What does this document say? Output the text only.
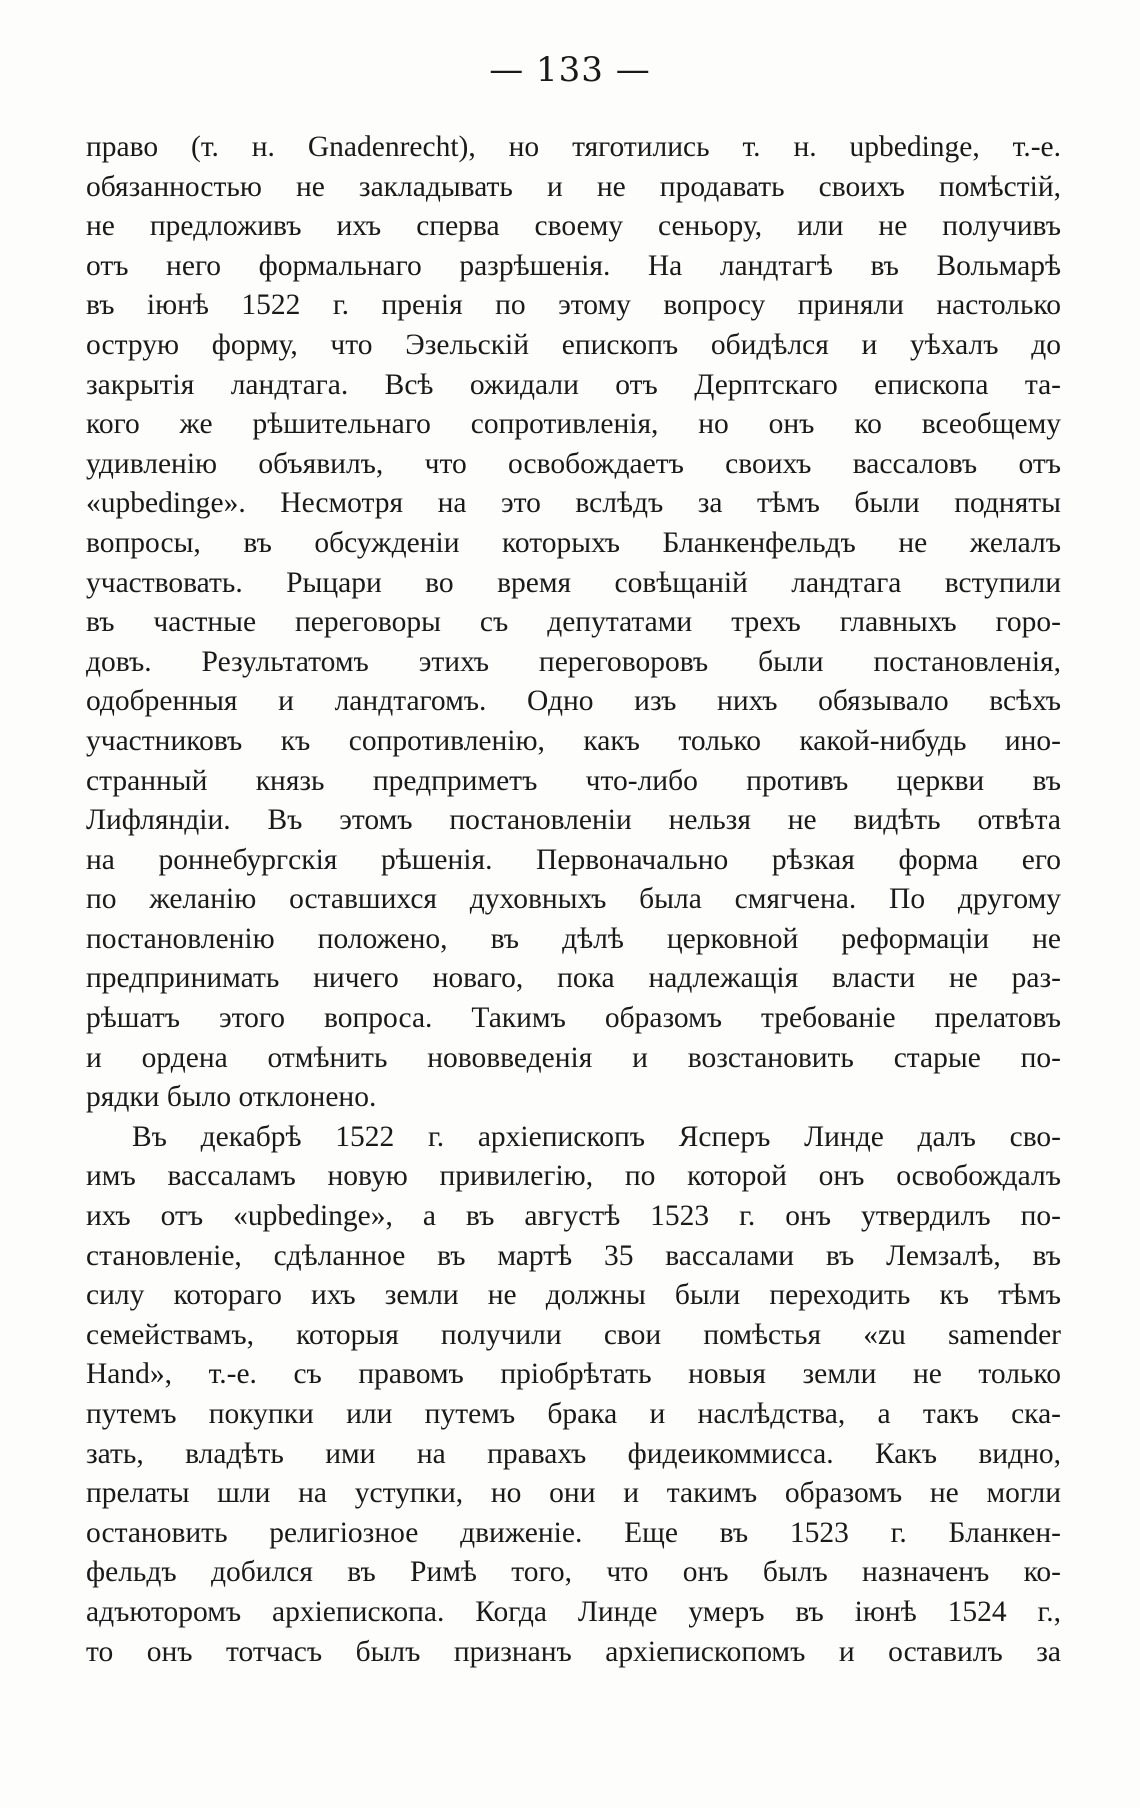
— 133 —
право (т. н. Gnadenrecht), но тяготились т. н. upbedinge, т.-е.
обязанностью не закладывать и не продавать своихъ помѣстій,
не предложивъ ихъ сперва своему сеньору, или не получивъ
отъ него формальнаго разрѣшенія. На ландтагѣ въ Вольмарѣ
въ іюнѣ 1522 г. пренія по этому вопросу приняли настолько
острую форму, что Эзельскій епископъ обидѣлся и уѣхалъ до
закрытія ландтага. Всѣ ожидали отъ Дерптскаго епископа та-
кого же рѣшительнаго сопротивленія, но онъ ко всеобщему
удивленію объявилъ, что освобождаетъ своихъ вассаловъ отъ
«upbedinge». Несмотря на это вслѣдъ за тѣмъ были подняты
вопросы, въ обсужденіи которыхъ Бланкенфельдъ не желалъ
участвовать. Рыцари во время совѣщаній ландтага вступили
въ частные переговоры съ депутатами трехъ главныхъ горо-
довъ. Результатомъ этихъ переговоровъ были постановленія,
одобренныя и ландтагомъ. Одно изъ нихъ обязывало всѣхъ
участниковъ къ сопротивленію, какъ только какой-нибудь ино-
странный князь предприметъ что-либо противъ церкви въ
Лифляндіи. Въ этомъ постановленіи нельзя не видѣть отвѣта
на роннебургскія рѣшенія. Первоначально рѣзкая форма его
по желанію оставшихся духовныхъ была смягчена. По другому
постановленію положено, въ дѣлѣ церковной реформаціи не
предпринимать ничего новаго, пока надлежащія власти не раз-
рѣшатъ этого вопроса. Такимъ образомъ требованіе прелатовъ
и ордена отмѣнить нововведенія и возстановить старые по-
рядки было отклонено.
Въ декабрѣ 1522 г. архіепископъ Ясперъ Линде далъ сво-
имъ вассаламъ новую привилегію, по которой онъ освобождалъ
ихъ отъ «upbedinge», а въ августѣ 1523 г. онъ утвердилъ по-
становленіе, сдѣланное въ мартѣ 35 вассалами въ Лемзалѣ, въ
силу котораго ихъ земли не должны были переходить къ тѣмъ
семействамъ, которыя получили свои помѣстья «zu samender
Hand», т.-е. съ правомъ пріобрѣтать новыя земли не только
путемъ покупки или путемъ брака и наслѣдства, а такъ ска-
зать, владѣть ими на правахъ фидеикоммисса. Какъ видно,
прелаты шли на уступки, но они и такимъ образомъ не могли
остановить религіозное движеніе. Еще въ 1523 г. Бланкен-
фельдъ добился въ Римѣ того, что онъ былъ назначенъ ко-
адъюторомъ архіепископа. Когда Линде умеръ въ іюнѣ 1524 г.,
то онъ тотчасъ былъ признанъ архіепископомъ и оставилъ за
